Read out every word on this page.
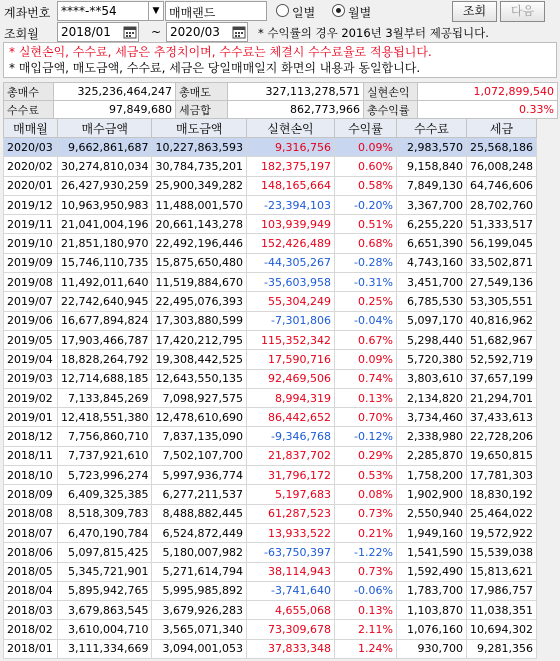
계좌번호 ****-**54	▼ 매매랜드	일별	월별	조회	다음
조회월	2018/01	~ 2020/03	* 수익률의 경우 2016년 3월부터 제공됩니다.
* 실현손익, 수수료, 세금은 추정치이며, 수수료는 체결시 수수료율로 적용됩니다.
* 매입금액, 매도금액, 수수료, 세금은 당일매매일지 화면의 내용과 동일합니다.
총매수	325,236,464,247	총매도	327,113,278,571	실현손익	1,072,899,540
수수료	97,849,680	세금합	862,773,966	총수익률	0.33%
매매월	매수금액	매도금액	실현손익	수익률	수수료	세금
2020/03	9,662,861,687	10,227,863,593	9,316,756	0.09%	2,983,570	25,568,186
2020/02	30,274,810,034	30,784,735,201	182,375,197	0.60%	9,158,840	76,008,248
2020/01	26,427,930,259	25,900,349,282	148,165,664	0.58%	7,849,130	64,746,606
2019/12	10,963,950,983	11,488,001,570	-23,394,103	-0.20%	3,367,700	28,702,760
2019/11	21,041,004,196	20,661,143,278	103,939,949	0.51%	6,255,220	51,333,517
2019/10	21,851,180,970	22,492,196,446	152,426,489	0.68%	6,651,390	56,199,045
2019/09	15,746,110,735	15,875,650,480	-44,305,267	-0.28%	4,743,160	33,502,871
2019/08	11,492,011,640	11,519,884,670	-35,603,958	-0.31%	3,451,700	27,549,136
2019/07	22,742,640,945	22,495,076,393	55,304,249	0.25%	6,785,530	53,305,551
2019/06	16,677,894,824	17,303,880,599	-7,301,806	-0.04%	5,097,170	40,816,962
2019/05	17,903,466,787	17,420,212,795	115,352,342	0.67%	5,298,440	51,682,967
2019/04	18,828,264,792	19,308,442,525	17,590,716	0.09%	5,720,380	52,592,719
2019/03	12,714,688,185	12,643,550,135	92,469,506	0.74%	3,803,610	37,657,199
2019/02	7,133,845,269	7,098,927,575	8,994,319	0.13%	2,134,820	21,294,701
2019/01	12,418,551,380	12,478,610,690	86,442,652	0.70%	3,734,460	37,433,613
2018/12	7,756,860,710	7,837,135,090	-9,346,768	-0.12%	2,338,980	22,728,206
2018/11	7,737,921,610	7,502,107,700	21,837,702	0.29%	2,285,870	19,650,815
2018/10	5,723,996,274	5,997,936,774	31,796,172	0.53%	1,758,200	17,781,303
2018/09	6,409,325,385	6,277,211,537	5,197,683	0.08%	1,902,900	18,830,192
2018/08	8,518,309,783	8,488,882,445	61,287,523	0.73%	2,550,940	25,464,022
2018/07	6,470,190,784	6,524,872,449	13,933,522	0.21%	1,949,160	19,572,922
2018/06	5,097,815,425	5,180,007,982	-63,750,397	-1.22%	1,541,590	15,539,038
2018/05	5,345,721,901	5,271,614,794	38,114,943	0.73%	1,592,490	15,813,621
2018/04	5,895,942,765	5,995,985,892	-3,741,640	-0.06%	1,783,700	17,986,757
2018/03	3,679,863,545	3,679,926,283	4,655,068	0.13%	1,103,870	11,038,351
2018/02	3,610,004,710	3,565,071,340	73,309,678	2.11%	1,076,160	10,694,302
2018/01	3,111,334,669	3,094,001,053	37,833,348	1.24%	930,700	9,281,356
